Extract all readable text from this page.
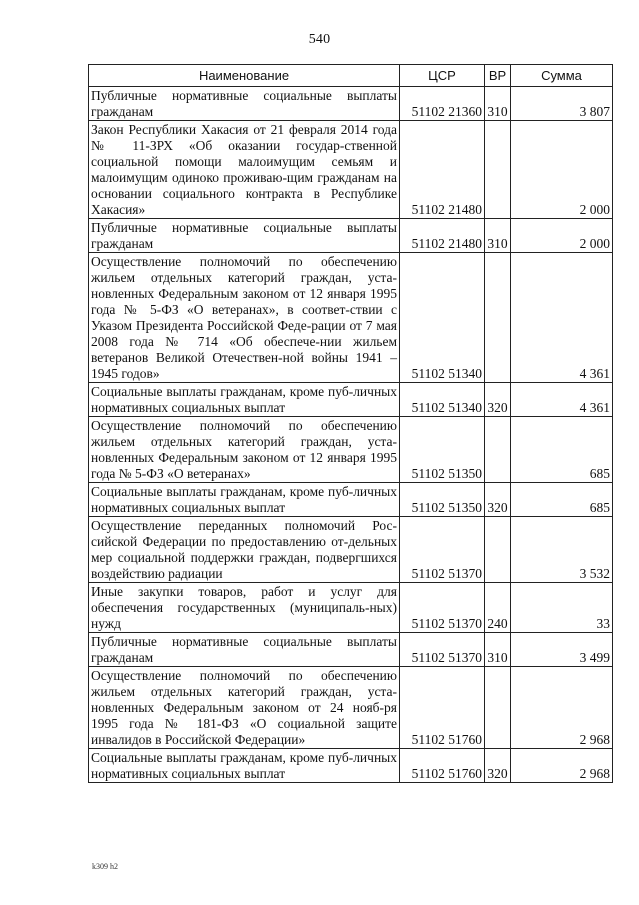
540
Наименование	ЦСР	ВР	Сумма
Публичные нормативные социальные выплаты гражданам	51102 21360	310	3 807
Закон Республики Хакасия от 21 февраля 2014 года № 11-ЗРХ «Об оказании государ-ственной социальной помощи малоимущим семьям и малоимущим одиноко проживаю-щим гражданам на основании социального контракта в Республике Хакасия»	51102 21480		2 000
Публичные нормативные социальные выплаты гражданам	51102 21480	310	2 000
Осуществление полномочий по обеспечению жильем отдельных категорий граждан, уста-новленных Федеральным законом от 12 января 1995 года № 5-ФЗ «О ветеранах», в соответ-ствии с Указом Президента Российской Феде-рации от 7 мая 2008 года № 714 «Об обеспече-нии жильем ветеранов Великой Отечествен-ной войны 1941 – 1945 годов»	51102 51340		4 361
Социальные выплаты гражданам, кроме пуб-личных нормативных социальных выплат	51102 51340	320	4 361
Осуществление полномочий по обеспечению жильем отдельных категорий граждан, уста-новленных Федеральным законом от 12 января 1995 года № 5-ФЗ «О ветеранах»	51102 51350		685
Социальные выплаты гражданам, кроме пуб-личных нормативных социальных выплат	51102 51350	320	685
Осуществление переданных полномочий Рос-сийской Федерации по предоставлению от-дельных мер социальной поддержки граждан, подвергшихся воздействию радиации	51102 51370		3 532
Иные закупки товаров, работ и услуг для обеспечения государственных (муниципаль-ных) нужд	51102 51370	240	33
Публичные нормативные социальные выплаты гражданам	51102 51370	310	3 499
Осуществление полномочий по обеспечению жильем отдельных категорий граждан, уста-новленных Федеральным законом от 24 нояб-ря 1995 года № 181-ФЗ «О социальной защите инвалидов в Российской Федерации»	51102 51760		2 968
Социальные выплаты гражданам, кроме пуб-личных нормативных социальных выплат	51102 51760	320	2 968
k309 h2
